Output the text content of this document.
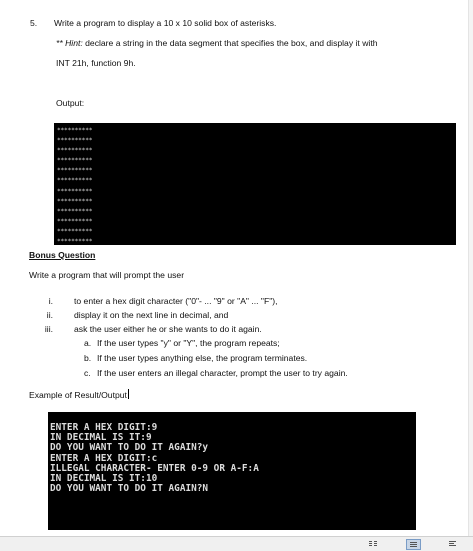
5. Write a program to display a 10 x 10 solid box of asterisks.
** Hint: declare a string in the data segment that specifies the box, and display it with
INT 21h, function 9h.
Output:
**********
**********
**********
**********
**********
**********
**********
**********
**********
**********
**********
**********
Bonus Question
Write a program that will prompt the user
i. to enter a hex digit character ("0"- ... "9" or "A" ... "F"),
ii. display it on the next line in decimal, and
iii. ask the user either he or she wants to do it again.
a. If the user types "y" or "Y", the program repeats;
b. If the user types anything else, the program terminates.
c. If the user enters an illegal character, prompt the user to try again.
Example of Result/Output
ENTER A HEX DIGIT:9
IN DECIMAL IS IT:9
DO YOU WANT TO DO IT AGAIN?y
ENTER A HEX DIGIT:c
ILLEGAL CHARACTER- ENTER 0-9 OR A-F:A
IN DECIMAL IS IT:10
DO YOU WANT TO DO IT AGAIN?N
